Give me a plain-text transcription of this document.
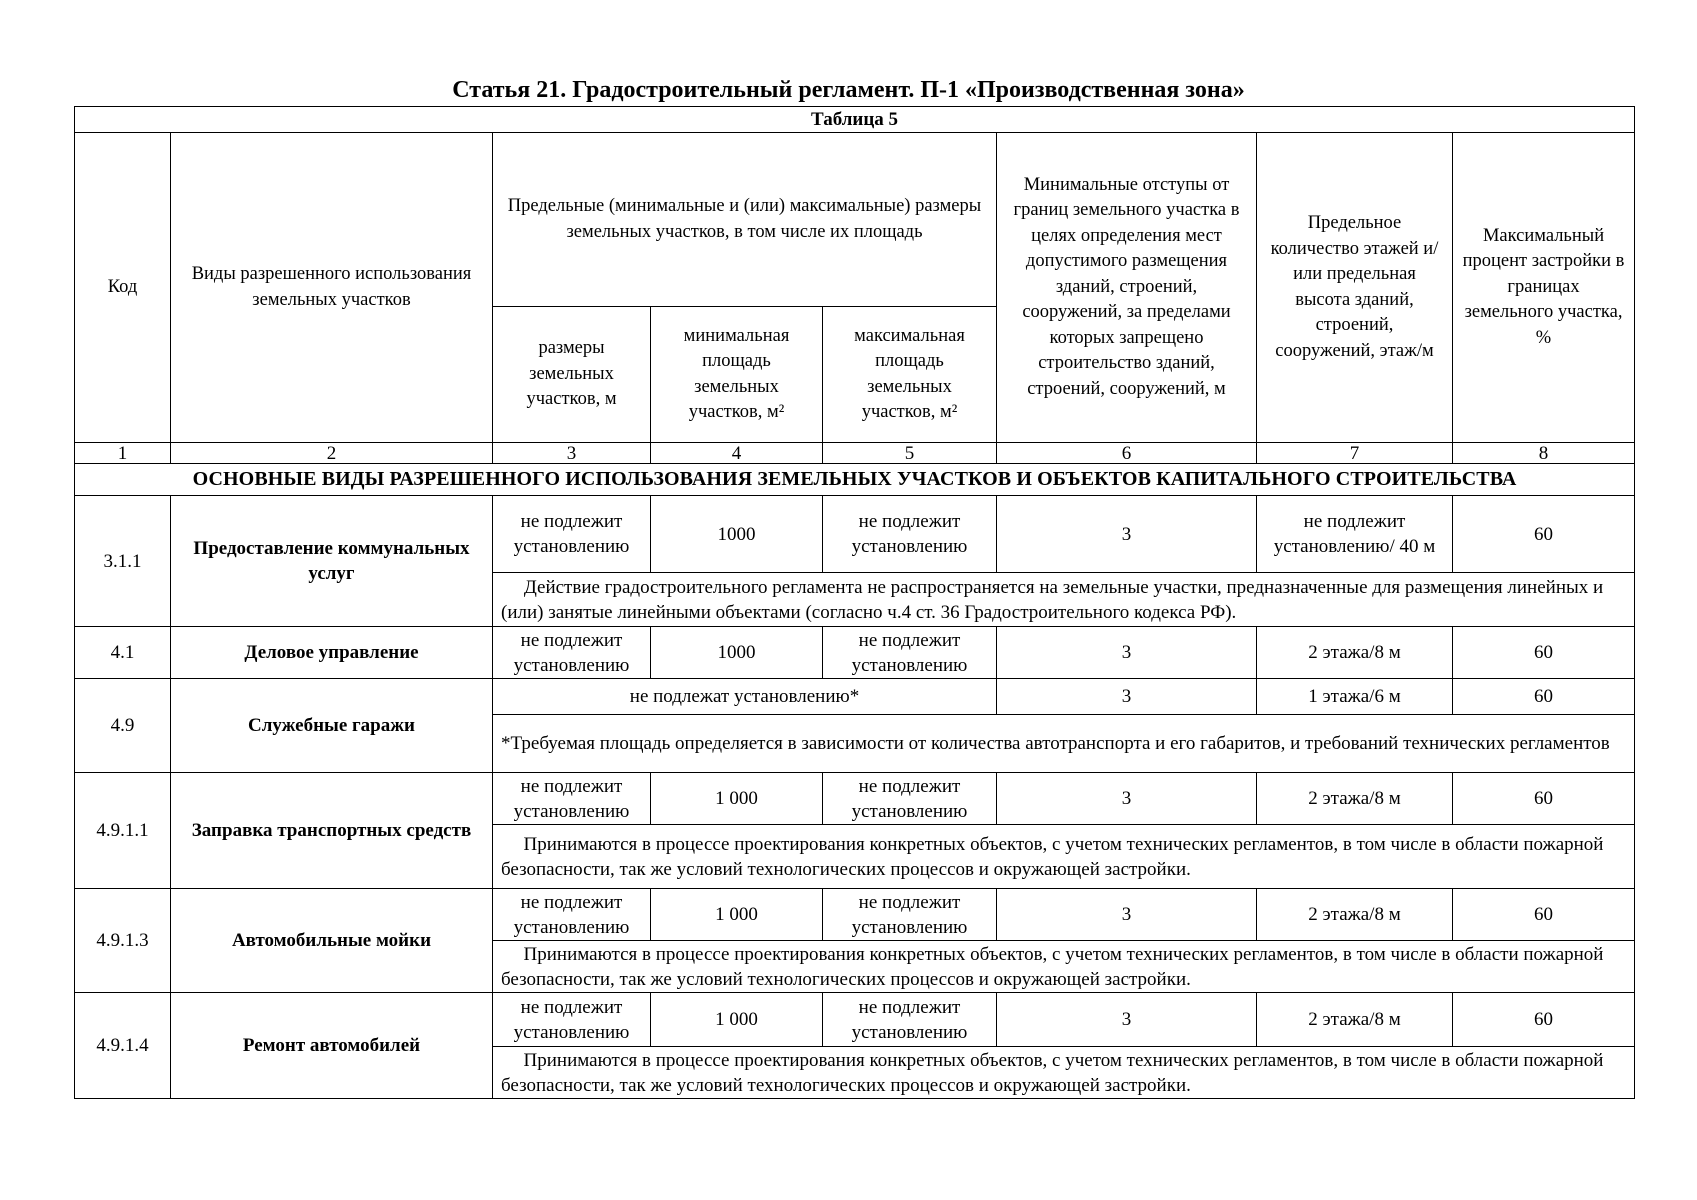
Статья 21. Градостроительный регламент. П-1 «Производственная зона»
Таблица 5							
Код	Виды разрешенного использования земельных участков	Предельные (минимальные и (или) максимальные) размеры земельных участков, в том числе их площадь			Минимальные отступы от границ земельного участка в целях определения мест допустимого размещения зданий, строений, сооружений, за пределами которых запрещено строительство зданий, строений, сооружений, м	Предельное количество этажей и/или предельная высота зданий, строений, сооружений, этаж/м	Максимальный процент застройки в границах земельного участка, %
		размеры земельных участков, м	минимальная площадь земельных участков, м²	максимальная площадь земельных участков, м²			
1	2	3	4	5	6	7	8
ОСНОВНЫЕ ВИДЫ РАЗРЕШЕННОГО ИСПОЛЬЗОВАНИЯ ЗЕМЕЛЬНЫХ УЧАСТКОВ И ОБЪЕКТОВ КАПИТАЛЬНОГО СТРОИТЕЛЬСТВА							
3.1.1	Предоставление коммунальных услуг	не подлежит установлению	1000	не подлежит установлению	3	не подлежит установлению/ 40 м	60
		Действие градостроительного регламента не распространяется на земельные участки, предназначенные для размещения линейных и (или) занятые линейными объектами (согласно ч.4 ст. 36 Градостроительного кодекса РФ).					
4.1	Деловое управление	не подлежит установлению	1000	не подлежит установлению	3	2 этажа/8 м	60
4.9	Служебные гаражи	не подлежат установлению*			3	1 этажа/6 м	60
		*Требуемая площадь определяется в зависимости от количества автотранспорта и его габаритов, и требований технических регламентов					
4.9.1.1	Заправка транспортных средств	не подлежит установлению	1 000	не подлежит установлению	3	2 этажа/8 м	60
		Принимаются в процессе проектирования конкретных объектов, с учетом технических регламентов, в том числе в области пожарной безопасности, так же условий технологических процессов и окружающей застройки.					
4.9.1.3	Автомобильные мойки	не подлежит установлению	1 000	не подлежит установлению	3	2 этажа/8 м	60
		Принимаются в процессе проектирования конкретных объектов, с учетом технических регламентов, в том числе в области пожарной безопасности, так же условий технологических процессов и окружающей застройки.					
4.9.1.4	Ремонт автомобилей	не подлежит установлению	1 000	не подлежит установлению	3	2 этажа/8 м	60
		Принимаются в процессе проектирования конкретных объектов, с учетом технических регламентов, в том числе в области пожарной безопасности, так же условий технологических процессов и окружающей застройки.					
